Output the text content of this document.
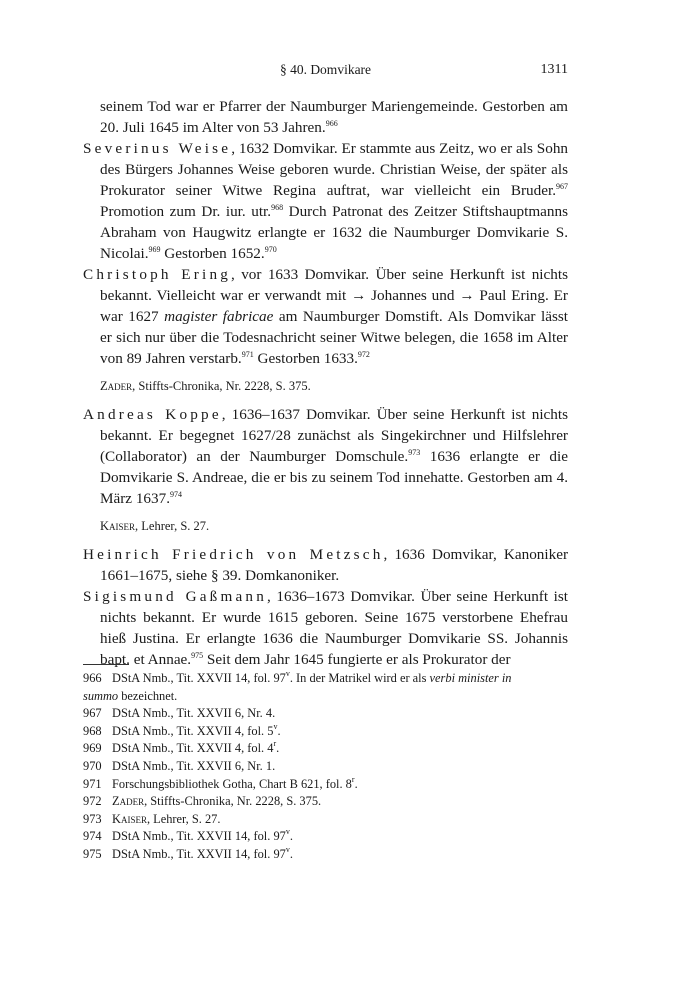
§ 40. Domvikare	1311

seinem Tod war er Pfarrer der Naumburger Mariengemeinde. Gestorben am 20. Juli 1645 im Alter von 53 Jahren.$^{966}$

Severinus Weise, 1632 Domvikar. Er stammte aus Zeitz, wo er als Sohn des Bürgers Johannes Weise geboren wurde. Christian Weise, der später als Prokurator seiner Witwe Regina auftrat, war vielleicht ein Bruder.$^{967}$ Promotion zum Dr. iur. utr.$^{968}$ Durch Patronat des Zeitzer Stiftshauptmanns Abraham von Haugwitz erlangte er 1632 die Naumburger Domvikarie S. Nicolai.$^{969}$ Gestorben 1652.$^{970}$

Christoph Ering, vor 1633 Domvikar. Über seine Herkunft ist nichts bekannt. Vielleicht war er verwandt mit → Johannes und → Paul Ering. Er war 1627 magister fabricae am Naumburger Domstift. Als Domvikar lässt er sich nur über die Todesnachricht seiner Witwe belegen, die 1658 im Alter von 89 Jahren verstarb.$^{971}$ Gestorben 1633.$^{972}$

Zader, Stiffts-Chronika, Nr. 2228, S. 375.

Andreas Koppe, 1636–1637 Domvikar. Über seine Herkunft ist nichts bekannt. Er begegnet 1627/28 zunächst als Singekirchner und Hilfslehrer (Collaborator) an der Naumburger Domschule.$^{973}$ 1636 erlangte er die Domvikarie S. Andreae, die er bis zu seinem Tod innehatte. Gestorben am 4. März 1637.$^{974}$

Kaiser, Lehrer, S. 27.

Heinrich Friedrich von Metzsch, 1636 Domvikar, Kanoniker 1661–1675, siehe § 39. Domkanoniker.

Sigismund Gaßmann, 1636–1673 Domvikar. Über seine Herkunft ist nichts bekannt. Er wurde 1615 geboren. Seine 1675 verstorbene Ehefrau hieß Justina. Er erlangte 1636 die Naumburger Domvikarie SS. Johannis bapt. et Annae.$^{975}$ Seit dem Jahr 1645 fungierte er als Prokurator der

966 DStA Nmb., Tit. XXVII 14, fol. 97$^v$. In der Matrikel wird er als verbi minister in
summo bezeichnet.
967 DStA Nmb., Tit. XXVII 6, Nr. 4.
968 DStA Nmb., Tit. XXVII 4, fol. 5$^v$.
969 DStA Nmb., Tit. XXVII 4, fol. 4$^r$.
970 DStA Nmb., Tit. XXVII 6, Nr. 1.
971 Forschungsbibliothek Gotha, Chart B 621, fol. 8$^r$.
972 Zader, Stiffts-Chronika, Nr. 2228, S. 375.
973 Kaiser, Lehrer, S. 27.
974 DStA Nmb., Tit. XXVII 14, fol. 97$^v$.
975 DStA Nmb., Tit. XXVII 14, fol. 97$^v$.
